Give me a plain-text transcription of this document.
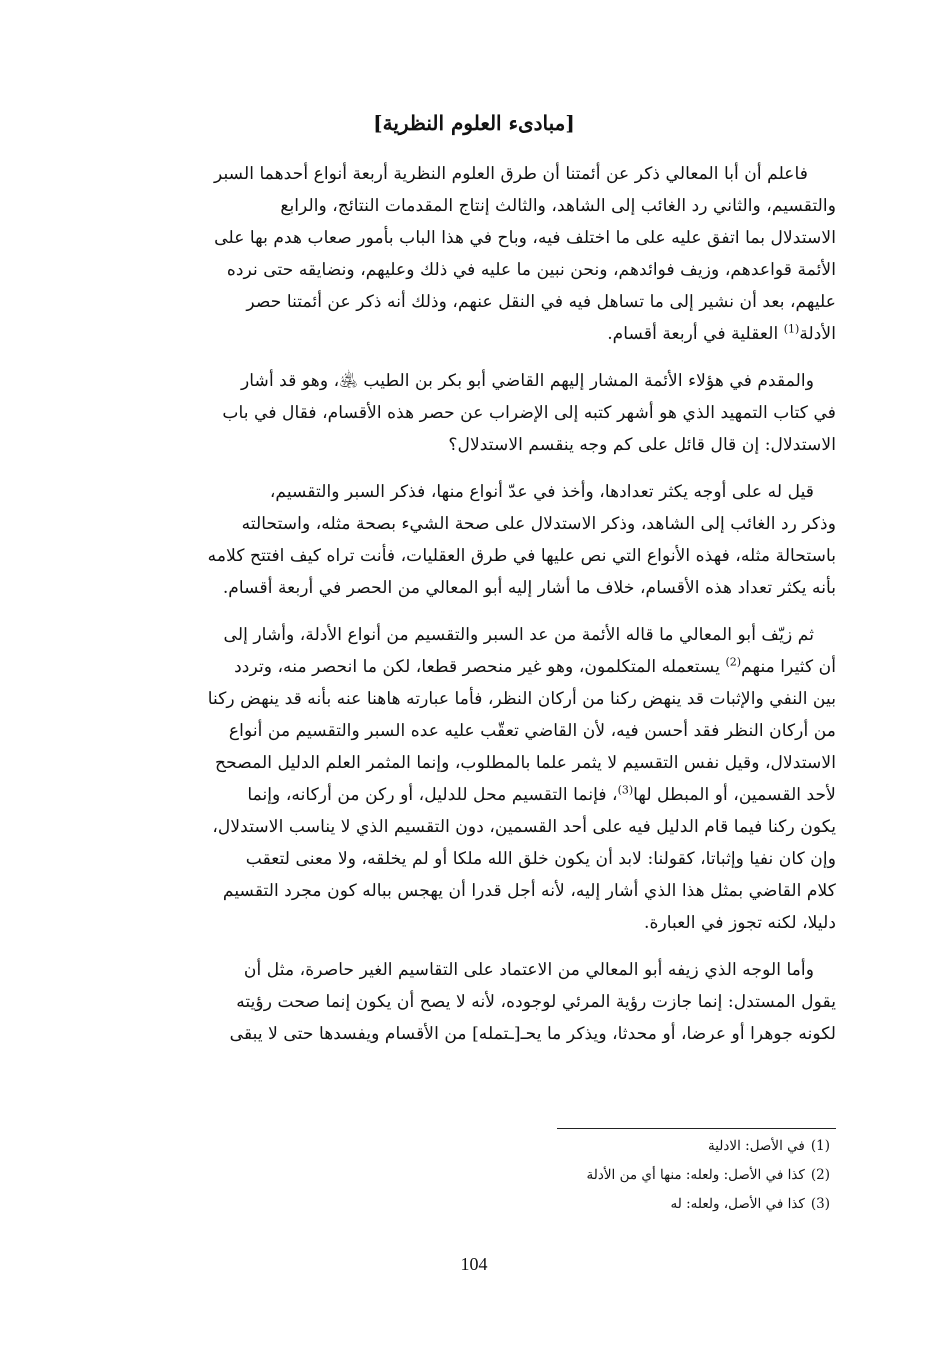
[مبادىء العلوم النظرية]

فاعلم أن أبا المعالي ذكر عن أئمتنا أن طرق العلوم النظرية أربعة أنواع أحدهما السبر
والتقسيم، والثاني رد الغائب إلى الشاهد، والثالث إنتاج المقدمات النتائج، والرابع
الاستدلال بما اتفق عليه على ما اختلف فيه، وباح في هذا الباب بأمور صعاب هدم بها على
الأئمة قواعدهم، وزيف فوائدهم، ونحن نبين ما عليه في ذلك وعليهم، ونضايقه حتى نرده
عليهم، بعد أن نشير إلى ما تساهل فيه في النقل عنهم، وذلك أنه ذكر عن أئمتنا حصر
الأدلة$^{(1)}$ العقلية في أربعة أقسام.

والمقدم في هؤلاء الأئمة المشار إليهم القاضي أبو بكر بن الطيب ﵁، وهو قد أشار
في كتاب التمهيد الذي هو أشهر كتبه إلى الإضراب عن حصر هذه الأقسام، فقال في باب
الاستدلال: إن قال قائل على كم وجه ينقسم الاستدلال؟

قيل له على أوجه يكثر تعدادها، وأخذ في عدّ أنواع منها، فذكر السبر والتقسيم،
وذكر رد الغائب إلى الشاهد، وذكر الاستدلال على صحة الشيء بصحة مثله، واستحالته
باستحالة مثله، فهذه الأنواع التي نص عليها في طرق العقليات، فأنت تراه كيف افتتح كلامه
بأنه يكثر تعداد هذه الأقسام، خلاف ما أشار إليه أبو المعالي من الحصر في أربعة أقسام.

ثم زيّف أبو المعالي ما قاله الأئمة من عد السبر والتقسيم من أنواع الأدلة، وأشار إلى
أن كثيرا منهم$^{(2)}$ يستعمله المتكلمون، وهو غير منحصر قطعا، لكن ما انحصر منه، وتردد
بين النفي والإثبات قد ينهض ركنا من أركان النظر، فأما عبارته هاهنا عنه بأنه قد ينهض ركنا
من أركان النظر فقد أحسن فيه، لأن القاضي تعقّب عليه عده السبر والتقسيم من أنواع
الاستدلال، وقيل نفس التقسيم لا يثمر علما بالمطلوب، وإنما المثمر العلم الدليل المصحح
لأحد القسمين، أو المبطل لها$^{(3)}$، فإنما التقسيم محل للدليل، أو ركن من أركانه، وإنما
يكون ركنا فيما قام الدليل فيه على أحد القسمين، دون التقسيم الذي لا يناسب الاستدلال،
وإن كان نفيا وإثباتا، كقولنا: لابد أن يكون خلق الله ملكا أو لم يخلقه، ولا معنى لتعقب
كلام القاضي بمثل هذا الذي أشار إليه، لأنه أجل قدرا أن يهجس بباله كون مجرد التقسيم
دليلا، لكنه تجوز في العبارة.

وأما الوجه الذي زيفه أبو المعالي من الاعتماد على التقاسيم الغير حاصرة، مثل أن
يقول المستدل: إنما جازت رؤية المرئي لوجوده، لأنه لا يصح أن يكون إنما صحت رؤيته
لكونه جوهرا أو عرضا، أو محدثا، ويذكر ما يحـ[ـتمله] من الأقسام ويفسدها حتى لا يبقى

(1)في الأصل: الادلية
(2)كذا في الأصل: ولعله: منها أي من الأدلة
(3)كذا في الأصل، ولعله: له
104
